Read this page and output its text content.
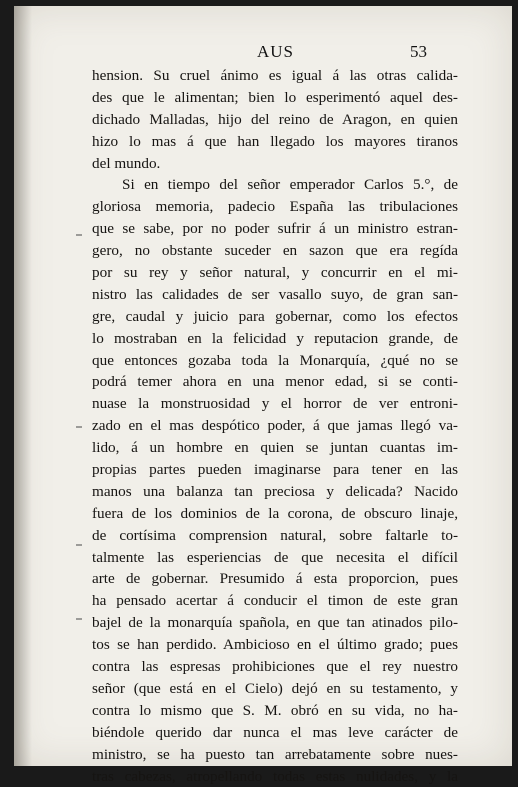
AUS	53
hension. Su cruel ánimo es igual á las otras calida-
des que le alimentan; bien lo esperimentó aquel des-
dichado Malladas, hijo del reino de Aragon, en quien
hizo lo mas á que han llegado los mayores tiranos
del mundo.
Si en tiempo del señor emperador Carlos 5.°, de
gloriosa memoria, padecio España las tribulaciones
que se sabe, por no poder sufrir á un ministro estran-
gero, no obstante suceder en sazon que era regída
por su rey y señor natural, y concurrir en el mi-
nistro las calidades de ser vasallo suyo, de gran san-
gre, caudal y juicio para gobernar, como los efectos
lo mostraban en la felicidad y reputacion grande, de
que entonces gozaba toda la Monarquía, ¿qué no se
podrá temer ahora en una menor edad, si se conti-
nuase la monstruosidad y el horror de ver entroni-
zado en el mas despótico poder, á que jamas llegó va-
lido, á un hombre en quien se juntan cuantas im-
propias partes pueden imaginarse para tener en las
manos una balanza tan preciosa y delicada? Nacido
fuera de los dominios de la corona, de obscuro linaje,
de cortísima comprension natural, sobre faltarle to-
talmente las esperiencias de que necesita el difícil
arte de gobernar. Presumido á esta proporcion, pues
ha pensado acertar á conducir el timon de este gran
bajel de la monarquía spañola, en que tan atinados pilo-
tos se han perdido. Ambicioso en el último grado; pues
contra las espresas prohibiciones que el rey nuestro
señor (que está en el Cielo) dejó en su testamento, y
contra lo mismo que S. M. obró en su vida, no ha-
biéndole querido dar nunca el mas leve carácter de
ministro, se ha puesto tan arrebatamente sobre nues-
tras cabezas, atropellando todas estas nulidades, y la
